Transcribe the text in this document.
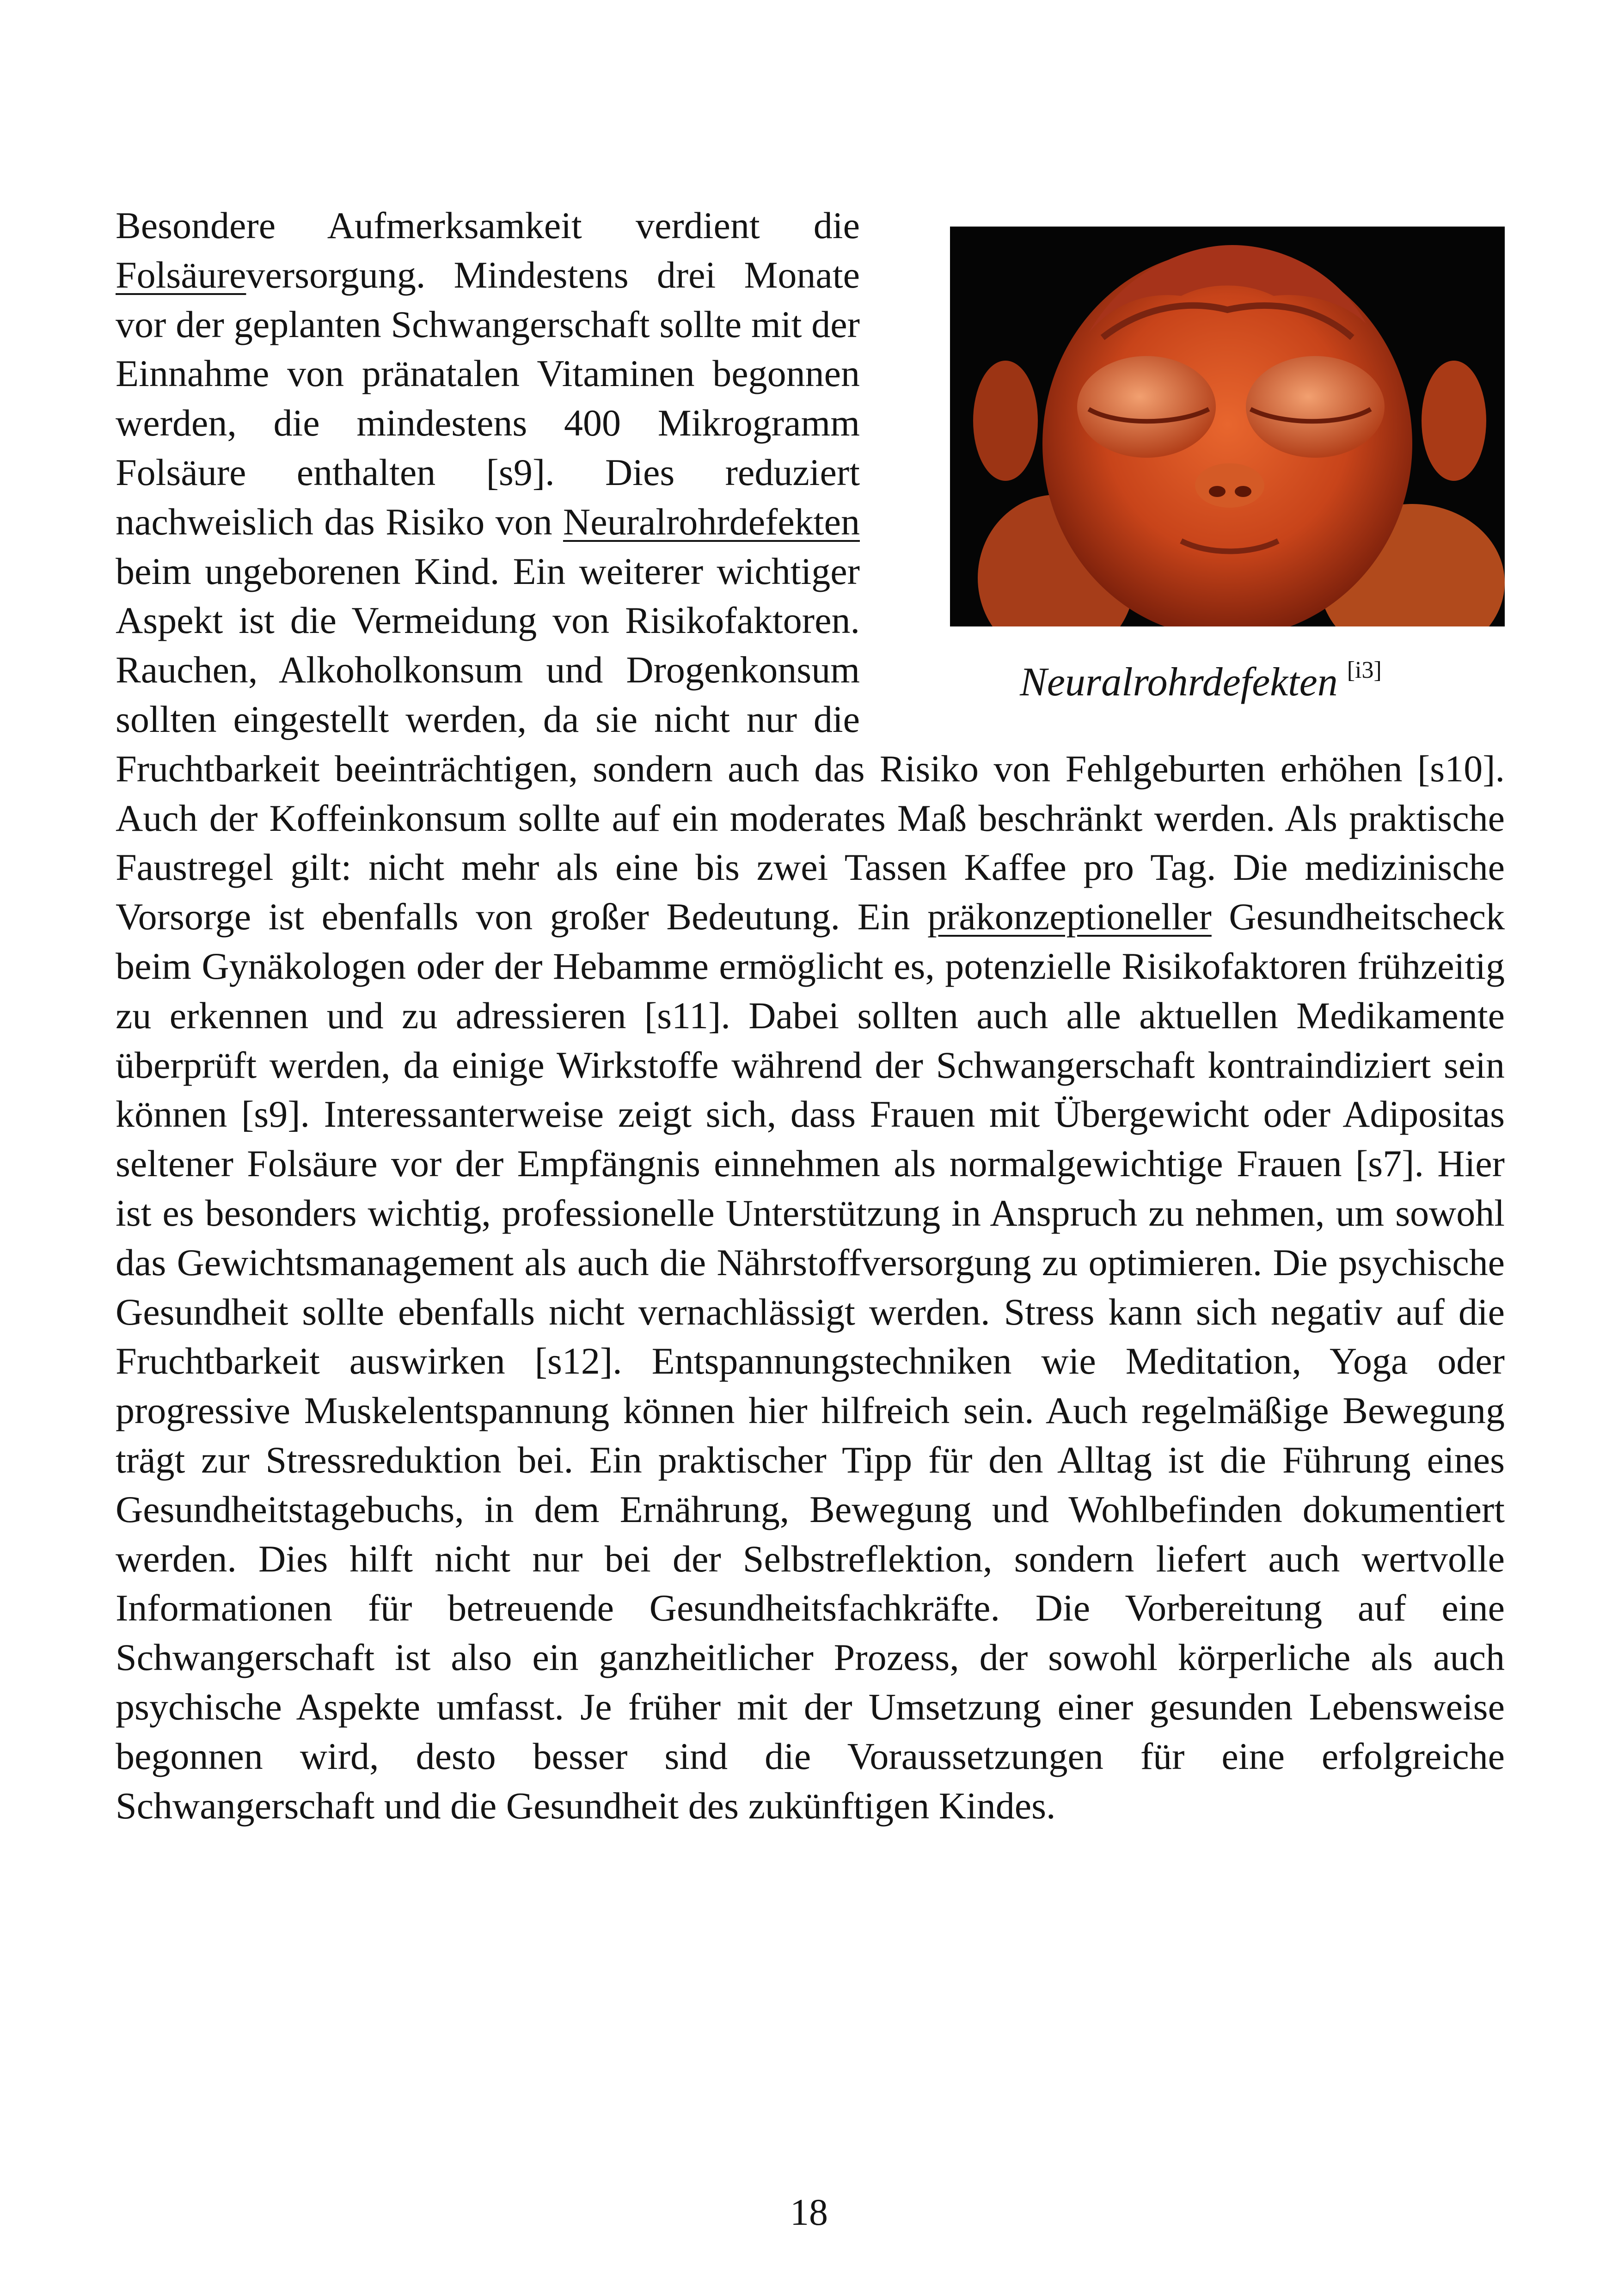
Neuralrohrdefekten [i3]

Besondere Aufmerksamkeit verdient die Folsäureversorgung. Mindestens drei Monate vor der geplanten Schwangerschaft sollte mit der Einnahme von pränatalen Vitaminen begonnen werden, die mindestens 400 Mikrogramm Folsäure enthalten [s9]. Dies reduziert nachweislich das Risiko von Neuralrohrdefekten beim ungeborenen Kind. Ein weiterer wichtiger Aspekt ist die Vermeidung von Risikofaktoren. Rauchen, Alkoholkonsum und Drogenkonsum sollten eingestellt werden, da sie nicht nur die Fruchtbarkeit beeinträchtigen, sondern auch das Risiko von Fehlgeburten erhöhen [s10]. Auch der Koffeinkonsum sollte auf ein moderates Maß beschränkt werden. Als praktische Faustregel gilt: nicht mehr als eine bis zwei Tassen Kaffee pro Tag. Die medizinische Vorsorge ist ebenfalls von großer Bedeutung. Ein präkonzeptioneller Gesundheitscheck beim Gynäkologen oder der Hebamme ermöglicht es, potenzielle Risikofaktoren frühzeitig zu erkennen und zu adressieren [s11]. Dabei sollten auch alle aktuellen Medikamente überprüft werden, da einige Wirkstoffe während der Schwangerschaft kontraindiziert sein können [s9]. Interessanterweise zeigt sich, dass Frauen mit Übergewicht oder Adipositas seltener Folsäure vor der Empfängnis einnehmen als normalgewichtige Frauen [s7]. Hier ist es besonders wichtig, professionelle Unterstützung in Anspruch zu nehmen, um sowohl das Gewichtsmanagement als auch die Nährstoffversorgung zu optimieren. Die psychische Gesundheit sollte ebenfalls nicht vernachlässigt werden. Stress kann sich negativ auf die Fruchtbarkeit auswirken [s12]. Entspannungstechniken wie Meditation, Yoga oder progressive Muskelentspannung können hier hilfreich sein. Auch regelmäßige Bewegung trägt zur Stressreduktion bei. Ein praktischer Tipp für den Alltag ist die Führung eines Gesundheitstagebuchs, in dem Ernährung, Bewegung und Wohlbefinden dokumentiert werden. Dies hilft nicht nur bei der Selbstreflektion, sondern liefert auch wertvolle Informationen für betreuende Gesundheitsfachkräfte. Die Vorbereitung auf eine Schwangerschaft ist also ein ganzheitlicher Prozess, der sowohl körperliche als auch psychische Aspekte umfasst. Je früher mit der Umsetzung einer gesunden Lebensweise begonnen wird, desto besser sind die Voraussetzungen für eine erfolgreiche Schwangerschaft und die Gesundheit des zukünftigen Kindes.

18
